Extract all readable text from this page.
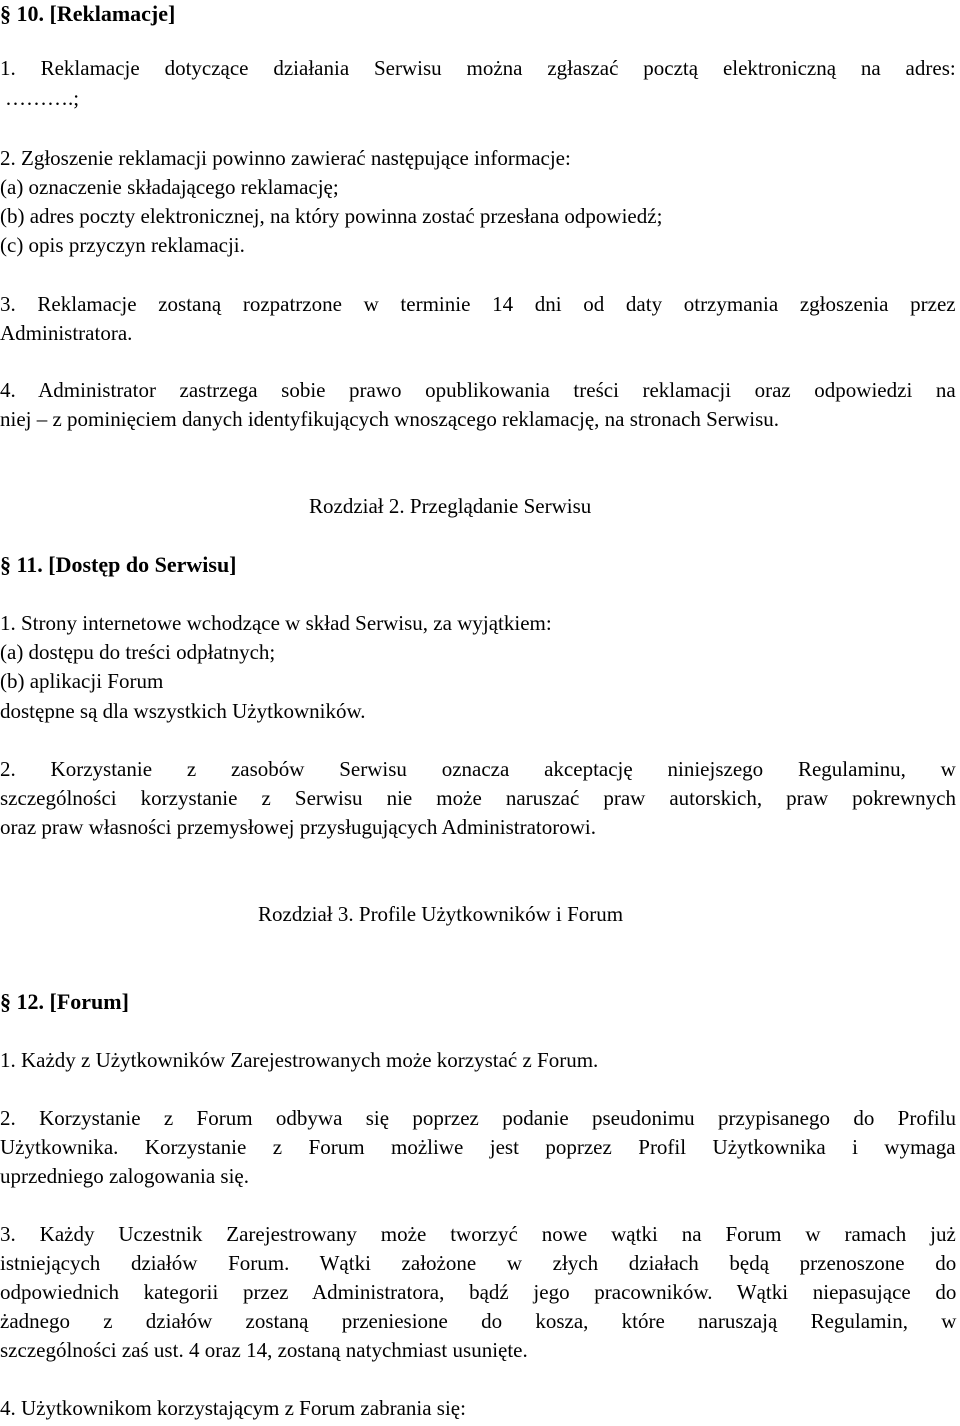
§ 10. [Reklamacje]
1. Reklamacje dotyczące działania Serwisu można zgłaszać pocztą elektroniczną na adres:
……….;
2. Zgłoszenie reklamacji powinno zawierać następujące informacje:
(a) oznaczenie składającego reklamację;
(b) adres poczty elektronicznej, na który powinna zostać przesłana odpowiedź;
(c) opis przyczyn reklamacji.
3. Reklamacje zostaną rozpatrzone w terminie 14 dni od daty otrzymania zgłoszenia przez
Administratora.
4. Administrator zastrzega sobie prawo opublikowania treści reklamacji oraz odpowiedzi na
niej – z pominięciem danych identyfikujących wnoszącego reklamację, na stronach Serwisu.
Rozdział 2. Przeglądanie Serwisu
§ 11. [Dostęp do Serwisu]
1. Strony internetowe wchodzące w skład Serwisu, za wyjątkiem:
(a) dostępu do treści odpłatnych;
(b) aplikacji Forum
dostępne są dla wszystkich Użytkowników.
2. Korzystanie z zasobów Serwisu oznacza akceptację niniejszego Regulaminu, w
szczególności korzystanie z Serwisu nie może naruszać praw autorskich, praw pokrewnych
oraz praw własności przemysłowej przysługujących Administratorowi.
Rozdział 3. Profile Użytkowników i Forum
§ 12. [Forum]
1. Każdy z Użytkowników Zarejestrowanych może korzystać z Forum.
2. Korzystanie z Forum odbywa się poprzez podanie pseudonimu przypisanego do Profilu
Użytkownika. Korzystanie z Forum możliwe jest poprzez Profil Użytkownika i wymaga
uprzedniego zalogowania się.
3. Każdy Uczestnik Zarejestrowany może tworzyć nowe wątki na Forum w ramach już
istniejących działów Forum. Wątki założone w złych działach będą przenoszone do
odpowiednich kategorii przez Administratora, bądź jego pracowników. Wątki niepasujące do
żadnego z działów zostaną przeniesione do kosza, które naruszają Regulamin, w
szczególności zaś ust. 4 oraz 14, zostaną natychmiast usunięte.
4. Użytkownikom korzystającym z Forum zabrania się:
